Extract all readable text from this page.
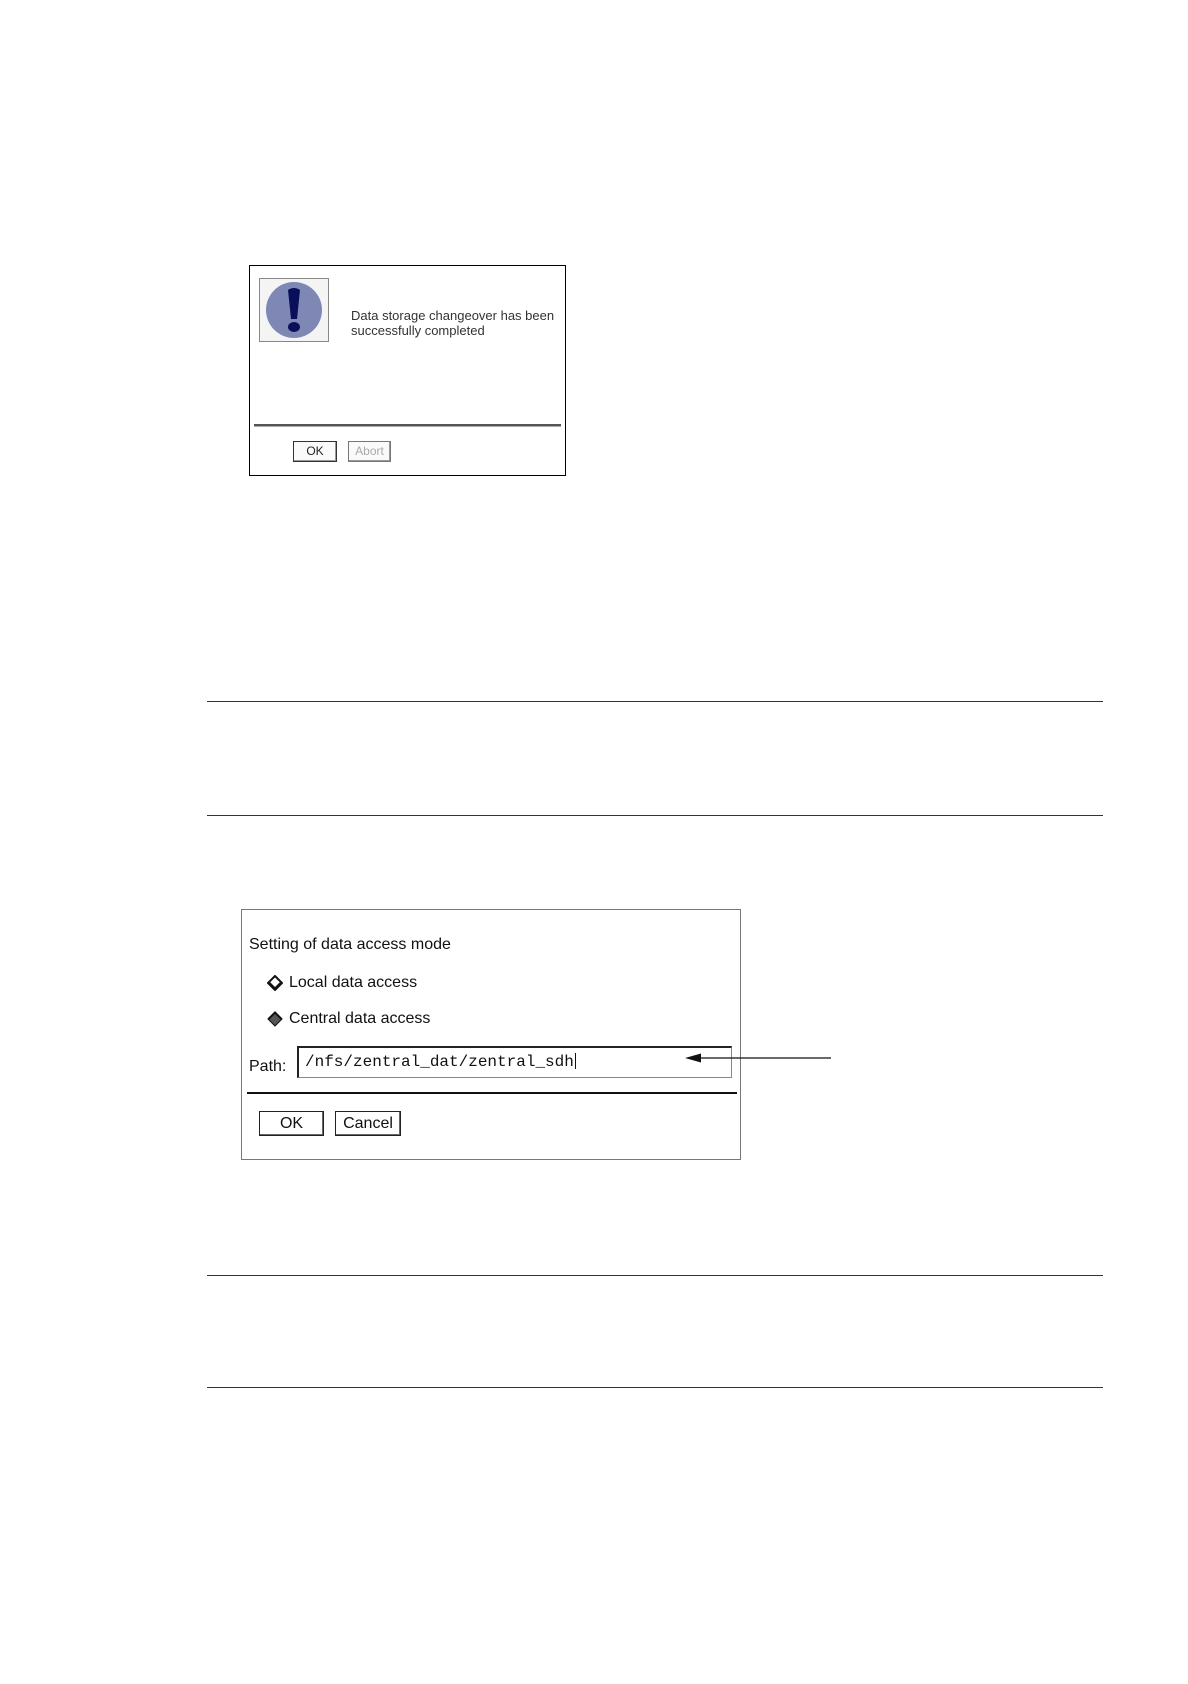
Data storage changeover has been successfully completed
OK	Abort
Setting of data access mode
Local data access
Central data access
Path:	/nfs/zentral_dat/zentral_sdh
OK	Cancel
